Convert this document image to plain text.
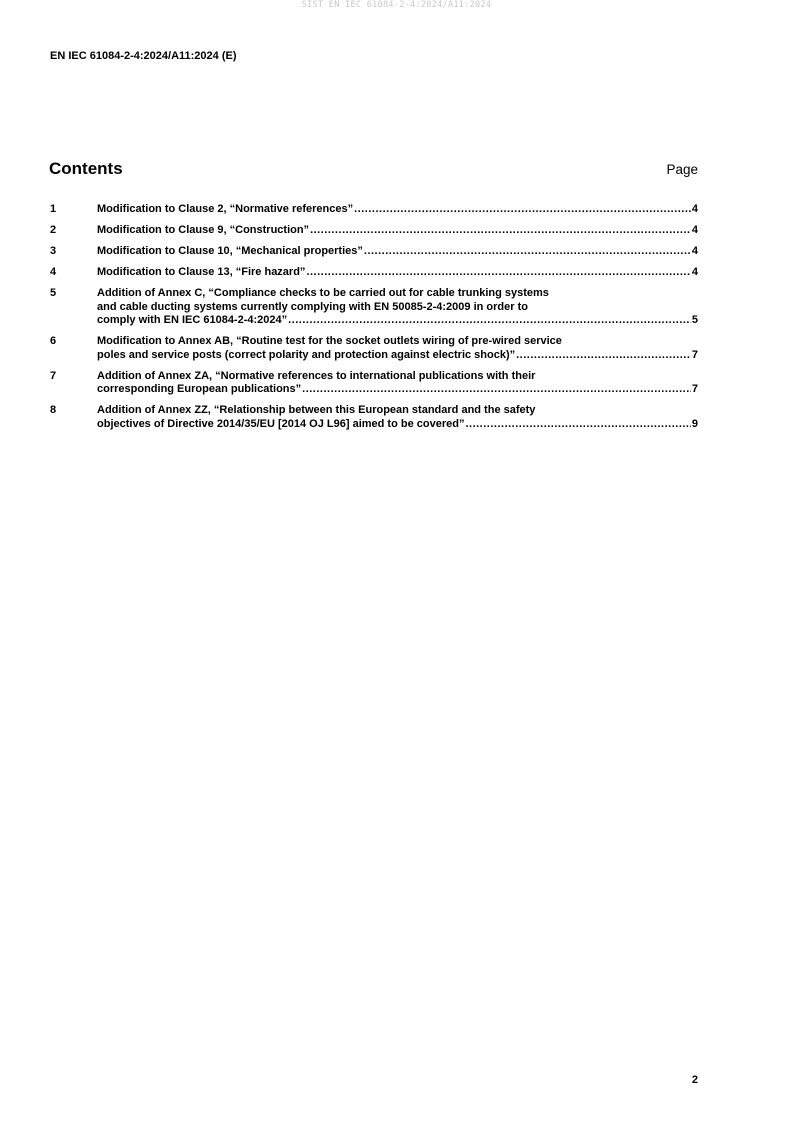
SIST EN IEC 61084-2-4:2024/A11:2024
EN IEC 61084-2-4:2024/A11:2024 (E)
Contents	Page
1	Modification to Clause 2, “Normative references” .....	4
2	Modification to Clause 9, “Construction” .....	4
3	Modification to Clause 10, “Mechanical properties” .....	4
4	Modification to Clause 13, “Fire hazard” .....	4
5	Addition of Annex C, “Compliance checks to be carried out for cable trunking systems
and cable ducting systems currently complying with EN 50085-2-4:2009 in order to
comply with EN IEC 61084-2-4:2024” .....	5
6	Modification to Annex AB, “Routine test for the socket outlets wiring of pre-wired service
poles and service posts (correct polarity and protection against electric shock)” .....	7
7	Addition of Annex ZA, “Normative references to international publications with their
corresponding European publications” .....	7
8	Addition of Annex ZZ, “Relationship between this European standard and the safety
objectives of Directive 2014/35/EU [2014 OJ L96] aimed to be covered” .....	9
2
